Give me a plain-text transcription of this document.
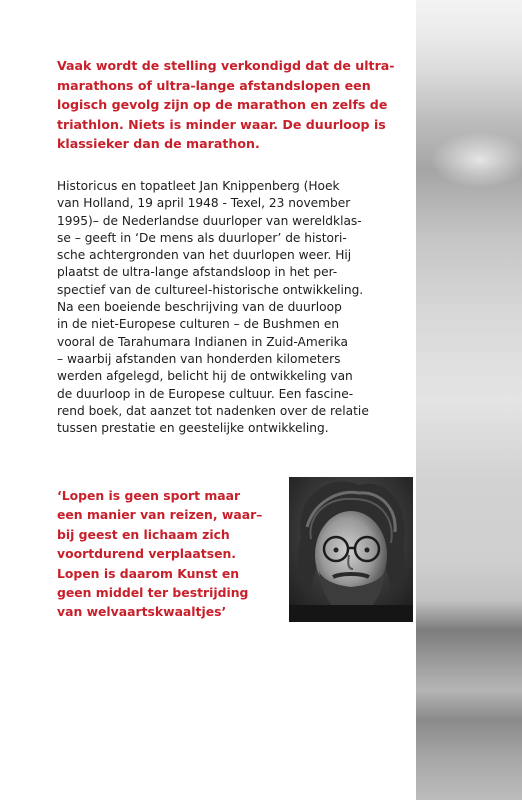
Vaak wordt de stelling verkondigd dat de ultra-
marathons of ultra-lange afstandslopen een
logisch gevolg zijn op de marathon en zelfs de
triathlon. Niets is minder waar. De duurloop is
klassieker dan de marathon.
Historicus en topatleet Jan Knippenberg (Hoek
van Holland, 19 april 1948 - Texel, 23 november
1995)– de Nederlandse duurloper van wereldklas-
se – geeft in ‘De mens als duurloper’ de histori-
sche achtergronden van het duurlopen weer. Hij
plaatst de ultra-lange afstandsloop in het per-
spectief van de cultureel-historische ontwikkeling.
Na een boeiende beschrijving van de duurloop
in de niet-Europese culturen – de Bushmen en
vooral de Tarahumara Indianen in Zuid-Amerika
– waarbij afstanden van honderden kilometers
werden afgelegd, belicht hij de ontwikkeling van
de duurloop in de Europese cultuur. Een fascine-
rend boek, dat aanzet tot nadenken over de relatie
tussen prestatie en geestelijke ontwikkeling.
‘Lopen is geen sport maar
een manier van reizen, waar–
bij geest en lichaam zich
voortdurend verplaatsen.
Lopen is daarom Kunst en
geen middel ter bestrijding
van welvaartskwaaltjes’
